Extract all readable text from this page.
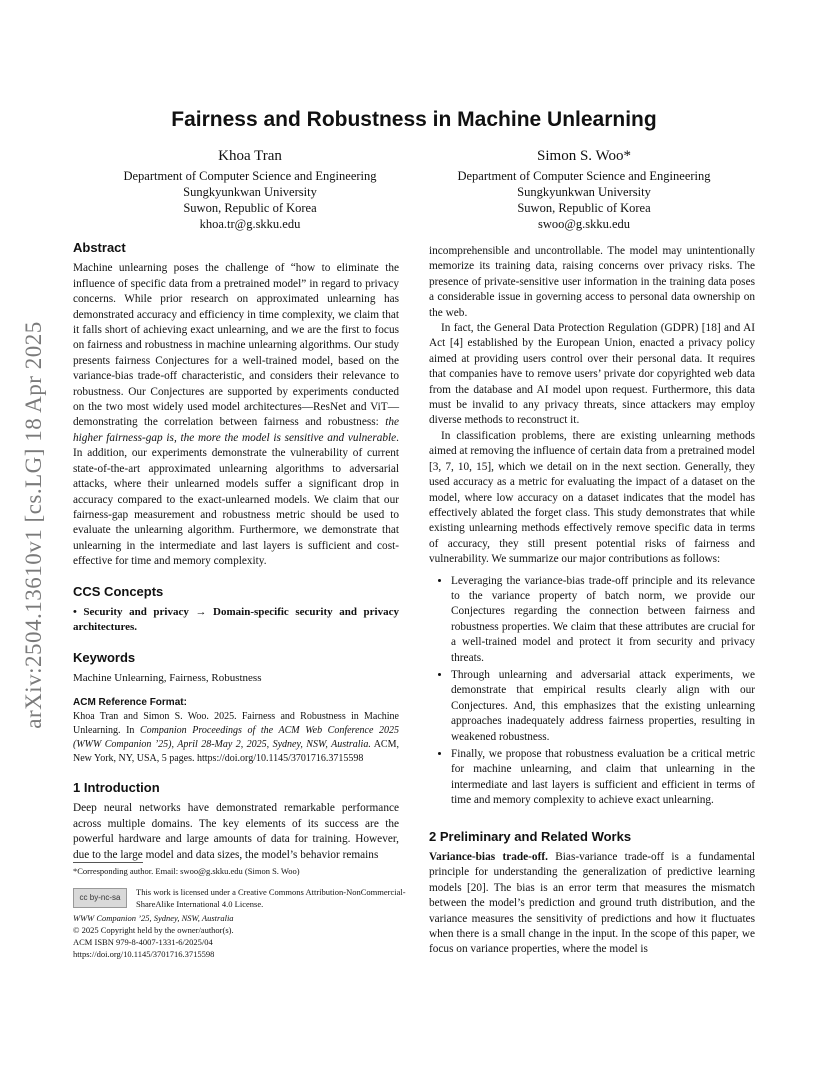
arXiv:2504.13610v1 [cs.LG] 18 Apr 2025
Fairness and Robustness in Machine Unlearning
Khoa Tran
Department of Computer Science and Engineering
Sungkyunkwan University
Suwon, Republic of Korea
khoa.tr@g.skku.edu
Simon S. Woo*
Department of Computer Science and Engineering
Sungkyunkwan University
Suwon, Republic of Korea
swoo@g.skku.edu
Abstract

Machine unlearning poses the challenge of “how to eliminate the influence of specific data from a pretrained model” in regard to privacy concerns. While prior research on approximated unlearning has demonstrated accuracy and efficiency in time complexity, we claim that it falls short of achieving exact unlearning, and we are the first to focus on fairness and robustness in machine unlearning algorithms. Our study presents fairness Conjectures for a well-trained model, based on the variance-bias trade-off characteristic, and considers their relevance to robustness. Our Conjectures are supported by experiments conducted on the two most widely used model architectures—ResNet and ViT—demonstrating the correlation between fairness and robustness: the higher fairness-gap is, the more the model is sensitive and vulnerable. In addition, our experiments demonstrate the vulnerability of current state-of-the-art approximated unlearning algorithms to adversarial attacks, where their unlearned models suffer a significant drop in accuracy compared to the exact-unlearned models. We claim that our fairness-gap measurement and robustness metric should be used to evaluate the unlearning algorithm. Furthermore, we demonstrate that unlearning in the intermediate and last layers is sufficient and cost-effective for time and memory complexity.

CCS Concepts

• Security and privacy → Domain-specific security and privacy architectures.

Keywords

Machine Unlearning, Fairness, Robustness

ACM Reference Format:

Khoa Tran and Simon S. Woo. 2025. Fairness and Robustness in Machine Unlearning. In Companion Proceedings of the ACM Web Conference 2025 (WWW Companion ’25), April 28-May 2, 2025, Sydney, NSW, Australia. ACM, New York, NY, USA, 5 pages. https://doi.org/10.1145/3701716.3715598

1 Introduction

Deep neural networks have demonstrated remarkable performance across multiple domains. The key elements of its success are the powerful hardware and large amounts of data for training. However, due to the large model and data sizes, the model’s behavior remains

incomprehensible and uncontrollable. The model may unintentionally memorize its training data, raising concerns over privacy risks. The presence of private-sensitive user information in the training data poses a considerable issue in governing access to personal data ownership on the web.

In fact, the General Data Protection Regulation (GDPR) [18] and AI Act [4] established by the European Union, enacted a privacy policy aimed at providing users control over their personal data. It requires that companies have to remove users’ private dor copyrighted web data from the database and AI model upon request. Furthermore, this data must be invalid to any privacy threats, since attackers may employ diverse methods to reconstruct it.

In classification problems, there are existing unlearning methods aimed at removing the influence of certain data from a pretrained model [3, 7, 10, 15], which we detail on in the next section. Generally, they used accuracy as a metric for evaluating the impact of a dataset on the model, where low accuracy on a dataset indicates that the model has effectively ablated the forget class. This study demonstrates that while existing unlearning methods effectively remove specific data in terms of accuracy, they still present potential risks of fairness and vulnerability. We summarize our major contributions as follows:

• Leveraging the variance-bias trade-off principle and its relevance to the variance property of batch norm, we provide our Conjectures regarding the connection between fairness and robustness properties. We claim that these attributes are crucial for a well-trained model and protect it from security and privacy threats.
• Through unlearning and adversarial attack experiments, we demonstrate that empirical results clearly align with our Conjectures. And, this emphasizes that the existing unlearning approaches inadequately address fairness properties, resulting in weakened robustness.
• Finally, we propose that robustness evaluation be a critical metric for machine unlearning, and claim that unlearning in the intermediate and last layers is sufficient and efficient in terms of time and memory complexity to achieve exact unlearning.
2 Preliminary and Related Works

Variance-bias trade-off. Bias-variance trade-off is a fundamental principle for understanding the generalization of predictive learning models [20]. The bias is an error term that measures the mismatch between the model’s prediction and ground truth distribution, and the variance measures the sensitivity of predictions and how it fluctuates when there is a small change in the input. In the scope of this paper, we focus on variance properties, where the model is

*Corresponding author. Email: swoo@g.skku.edu (Simon S. Woo)
cc by-nc-sa
This work is licensed under a Creative Commons Attribution-NonCommercial-ShareAlike International 4.0 License.
WWW Companion ’25, Sydney, NSW, Australia
© 2025 Copyright held by the owner/author(s).
ACM ISBN 979-8-4007-1331-6/2025/04
https://doi.org/10.1145/3701716.3715598
